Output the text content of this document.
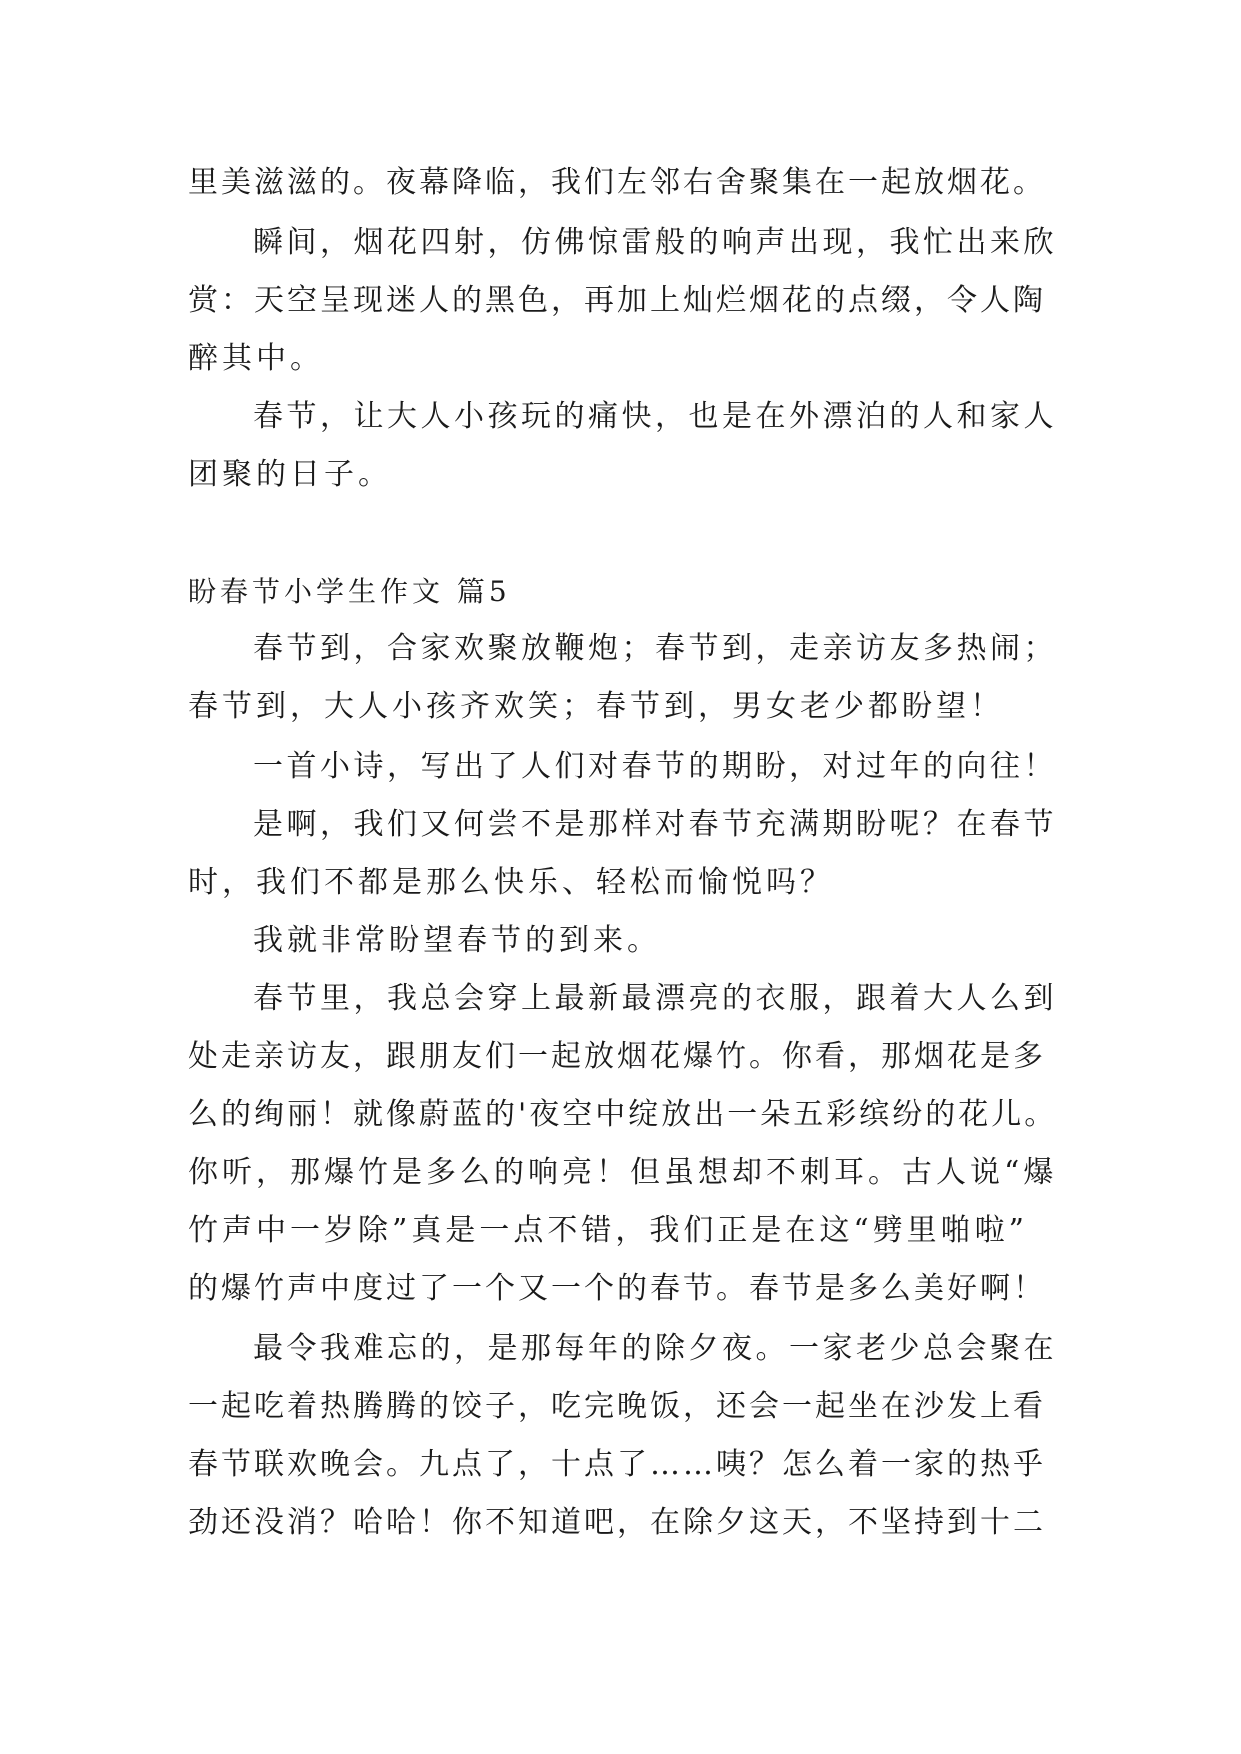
里美滋滋的。夜幕降临，我们左邻右舍聚集在一起放烟花。
瞬间，烟花四射，仿佛惊雷般的响声出现，我忙出来欣
赏：天空呈现迷人的黑色，再加上灿烂烟花的点缀，令人陶
醉其中。
春节，让大人小孩玩的痛快，也是在外漂泊的人和家人
团聚的日子。
盼春节小学生作文 篇5
春节到，合家欢聚放鞭炮；春节到，走亲访友多热闹；
春节到，大人小孩齐欢笑；春节到，男女老少都盼望！
一首小诗，写出了人们对春节的期盼，对过年的向往！
是啊，我们又何尝不是那样对春节充满期盼呢？在春节
时，我们不都是那么快乐、轻松而愉悦吗？
我就非常盼望春节的到来。
春节里，我总会穿上最新最漂亮的衣服，跟着大人么到
处走亲访友，跟朋友们一起放烟花爆竹。你看，那烟花是多
么的绚丽！就像蔚蓝的'夜空中绽放出一朵五彩缤纷的花儿。
你听，那爆竹是多么的响亮！但虽想却不刺耳。古人说“爆
竹声中一岁除”真是一点不错，我们正是在这“劈里啪啦”
的爆竹声中度过了一个又一个的春节。春节是多么美好啊！
最令我难忘的，是那每年的除夕夜。一家老少总会聚在
一起吃着热腾腾的饺子，吃完晚饭，还会一起坐在沙发上看
春节联欢晚会。九点了，十点了……咦？怎么着一家的热乎
劲还没消？哈哈！你不知道吧，在除夕这天，不坚持到十二
